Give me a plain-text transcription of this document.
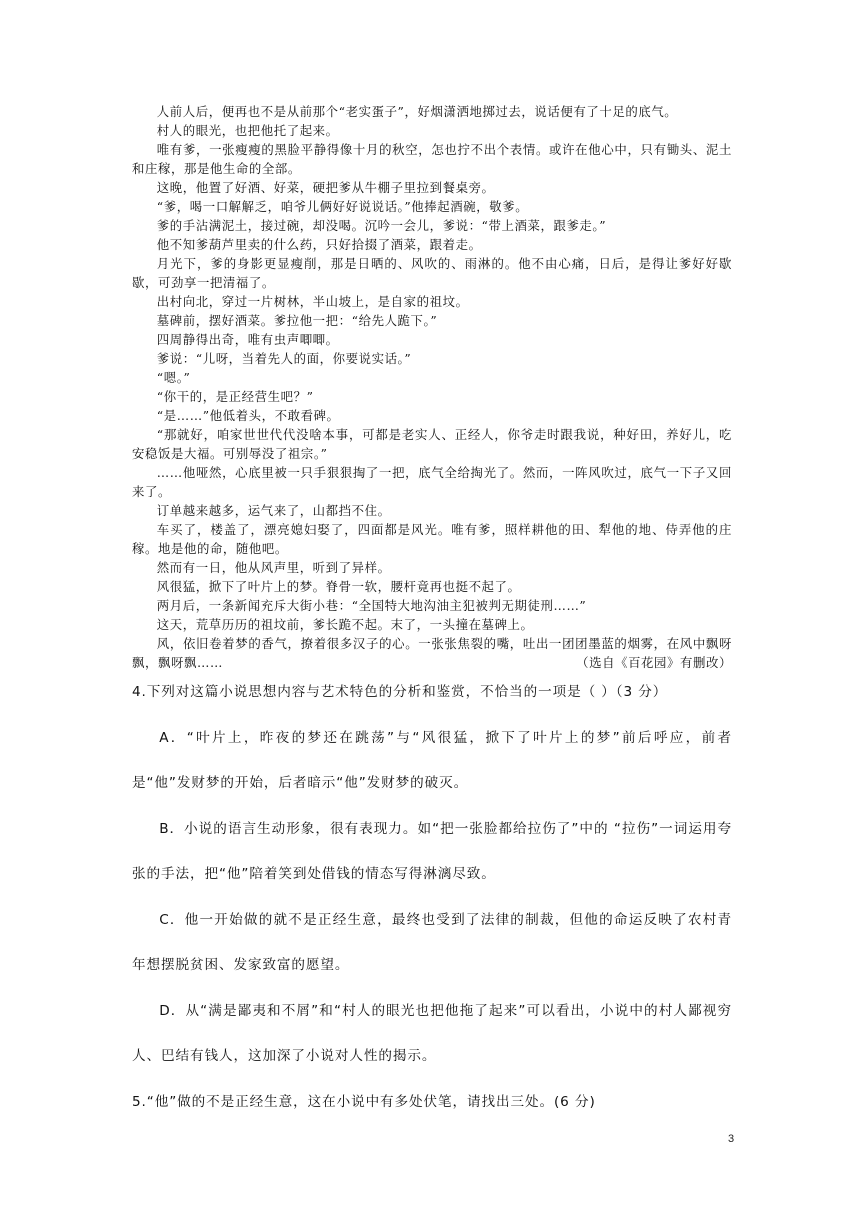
人前人后，便再也不是从前那个“老实蛋子”，好烟潇洒地掷过去，说话便有了十足的底气。

村人的眼光，也把他托了起来。

唯有爹，一张瘦瘦的黑脸平静得像十月的秋空，怎也拧不出个表情。或许在他心中，只有锄头、泥土和庄稼，那是他生命的全部。

这晚，他置了好酒、好菜，硬把爹从牛棚子里拉到餐桌旁。

“爹，喝一口解解乏，咱爷儿俩好好说说话。”他捧起酒碗，敬爹。

爹的手沾满泥土，接过碗，却没喝。沉吟一会儿，爹说：“带上酒菜，跟爹走。”

他不知爹葫芦里卖的什么药，只好拾掇了酒菜，跟着走。

月光下，爹的身影更显瘦削，那是日晒的、风吹的、雨淋的。他不由心痛，日后，是得让爹好好歇歇，可劲享一把清福了。

出村向北，穿过一片树林，半山坡上，是自家的祖坟。

墓碑前，摆好酒菜。爹拉他一把：“给先人跪下。”

四周静得出奇，唯有虫声唧唧。

爹说：“儿呀，当着先人的面，你要说实话。”

“嗯。”

“你干的，是正经营生吧？”

“是……”他低着头，不敢看碑。

“那就好，咱家世世代代没啥本事，可都是老实人、正经人，你爷走时跟我说，种好田，养好儿，吃安稳饭是大福。可别辱没了祖宗。”

……他哑然，心底里被一只手狠狠掏了一把，底气全给掏光了。然而，一阵风吹过，底气一下子又回来了。

订单越来越多，运气来了，山都挡不住。

车买了，楼盖了，漂亮媳妇娶了，四面都是风光。唯有爹，照样耕他的田、犁他的地、侍弄他的庄稼。地是他的命，随他吧。

然而有一日，他从风声里，听到了异样。

风很猛，掀下了叶片上的梦。脊骨一软，腰杆竟再也挺不起了。

两月后，一条新闻充斥大街小巷：“全国特大地沟油主犯被判无期徒刑……”

这天，荒草历历的祖坟前，爹长跪不起。末了，一头撞在墓碑上。

风，依旧卷着梦的香气，撩着很多汉子的心。一张张焦裂的嘴，吐出一团团墨蓝的烟雾，在风中飘呀飘，飘呀飘……	（选自《百花园》有删改）

4.下列对这篇小说思想内容与艺术特色的分析和鉴赏，不恰当的一项是（ ）（3 分）

A．“叶片上，昨夜的梦还在跳荡”与“风很猛，掀下了叶片上的梦”前后呼应，前者是“他”发财梦的开始，后者暗示“他”发财梦的破灭。

B．小说的语言生动形象，很有表现力。如“把一张脸都给拉伤了”中的 “拉伤”一词运用夸张的手法，把“他”陪着笑到处借钱的情态写得淋漓尽致。

C．他一开始做的就不是正经生意，最终也受到了法律的制裁，但他的命运反映了农村青年想摆脱贫困、发家致富的愿望。

D．从“满是鄙夷和不屑”和“村人的眼光也把他拖了起来”可以看出，小说中的村人鄙视穷人、巴结有钱人，这加深了小说对人性的揭示。

5.“他”做的不是正经生意，这在小说中有多处伏笔，请找出三处。(6 分)

3
